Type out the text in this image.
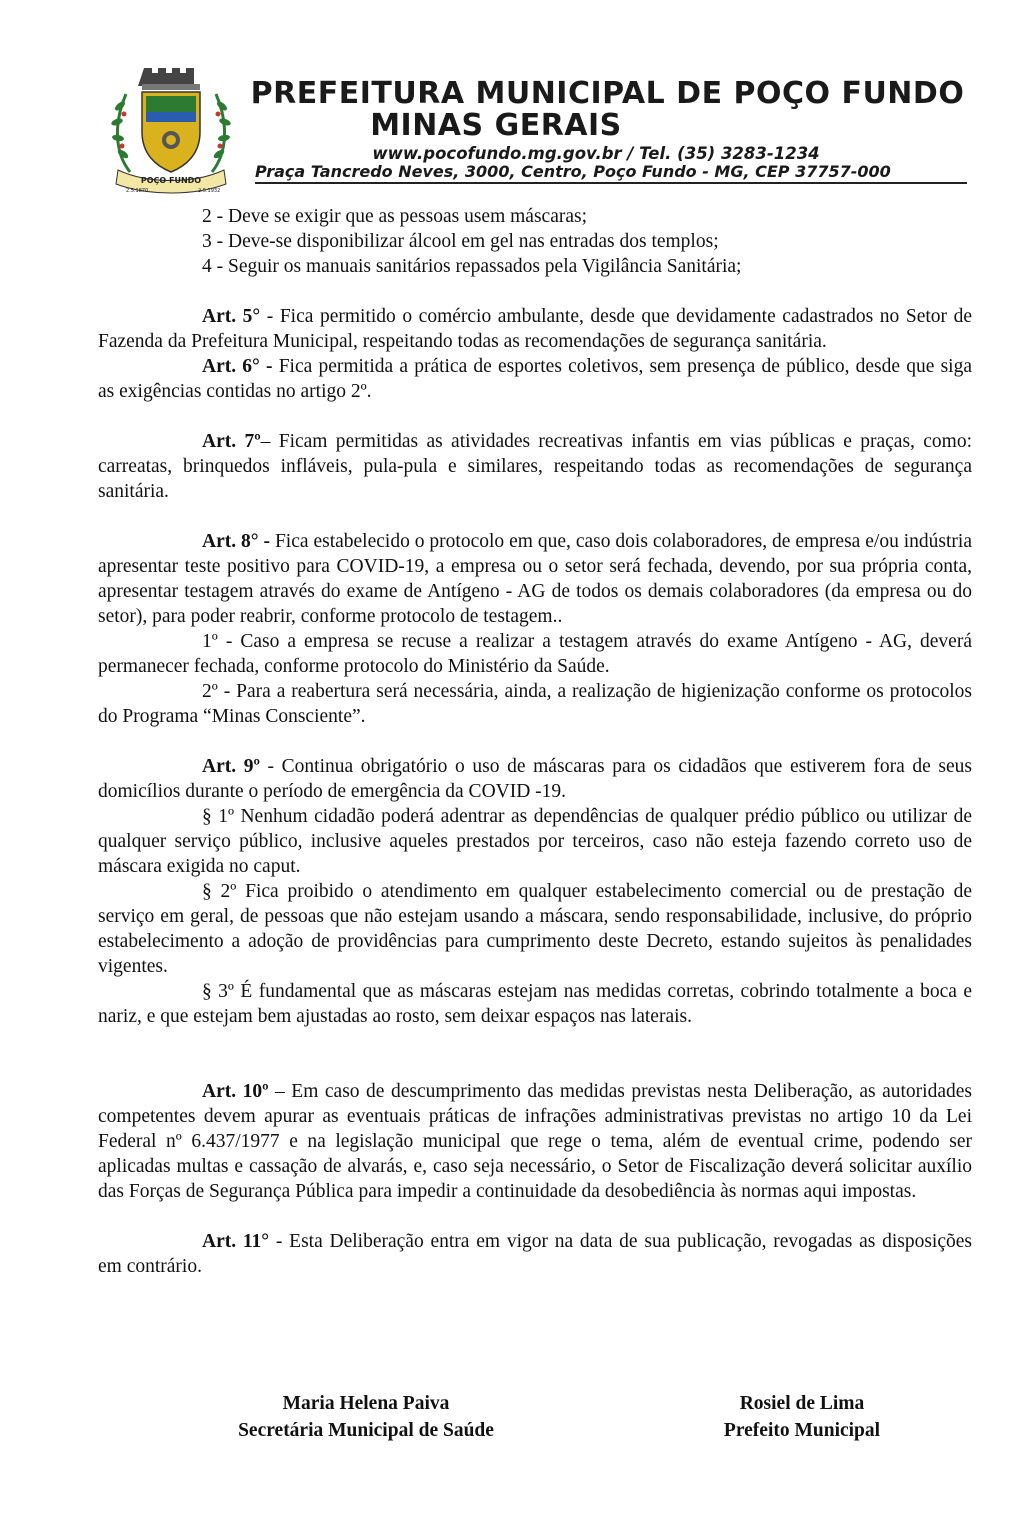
POÇO FUNDO
2.5.1870	2.5.1932
PREFEITURA MUNICIPAL DE POÇO FUNDO
MINAS GERAIS
www.pocofundo.mg.gov.br / Tel. (35) 3283-1234
Praça Tancredo Neves, 3000, Centro, Poço Fundo - MG, CEP 37757-000

2 - Deve se exigir que as pessoas usem máscaras;

3 - Deve-se disponibilizar álcool em gel nas entradas dos templos;

4 - Seguir os manuais sanitários repassados pela Vigilância Sanitária;

Art. 5° - Fica permitido o comércio ambulante, desde que devidamente cadastrados no Setor de Fazenda da Prefeitura Municipal, respeitando todas as recomendações de segurança sanitária.

Art. 6° - Fica permitida a prática de esportes coletivos, sem presença de público, desde que siga as exigências contidas no artigo 2º.

Art. 7º– Ficam permitidas as atividades recreativas infantis em vias públicas e praças, como: carreatas, brinquedos infláveis, pula-pula e similares, respeitando todas as recomendações de segurança sanitária.

Art. 8° - Fica estabelecido o protocolo em que, caso dois colaboradores, de empresa e/ou indústria apresentar teste positivo para COVID-19, a empresa ou o setor será fechada, devendo, por sua própria conta, apresentar testagem através do exame de Antígeno - AG de todos os demais colaboradores (da empresa ou do setor), para poder reabrir, conforme protocolo de testagem..

1º - Caso a empresa se recuse a realizar a testagem através do exame Antígeno - AG, deverá permanecer fechada, conforme protocolo do Ministério da Saúde.

2º - Para a reabertura será necessária, ainda, a realização de higienização conforme os protocolos do Programa “Minas Consciente”.

Art. 9º - Continua obrigatório o uso de máscaras para os cidadãos que estiverem fora de seus domicílios durante o período de emergência da COVID -19.

§ 1º Nenhum cidadão poderá adentrar as dependências de qualquer prédio público ou utilizar de qualquer serviço público, inclusive aqueles prestados por terceiros, caso não esteja fazendo correto uso de máscara exigida no caput.

§ 2º Fica proibido o atendimento em qualquer estabelecimento comercial ou de prestação de serviço em geral, de pessoas que não estejam usando a máscara, sendo responsabilidade, inclusive, do próprio estabelecimento a adoção de providências para cumprimento deste Decreto, estando sujeitos às penalidades vigentes.

§ 3º É fundamental que as máscaras estejam nas medidas corretas, cobrindo totalmente a boca e nariz, e que estejam bem ajustadas ao rosto, sem deixar espaços nas laterais.

Art. 10º – Em caso de descumprimento das medidas previstas nesta Deliberação, as autoridades competentes devem apurar as eventuais práticas de infrações administrativas previstas no artigo 10 da Lei Federal nº 6.437/1977 e na legislação municipal que rege o tema, além de eventual crime, podendo ser aplicadas multas e cassação de alvarás, e, caso seja necessário, o Setor de Fiscalização deverá solicitar auxílio das Forças de Segurança Pública para impedir a continuidade da desobediência às normas aqui impostas.

Art. 11° - Esta Deliberação entra em vigor na data de sua publicação, revogadas as disposições em contrário.

Maria Helena Paiva
Secretária Municipal de Saúde
Rosiel de Lima
Prefeito Municipal
